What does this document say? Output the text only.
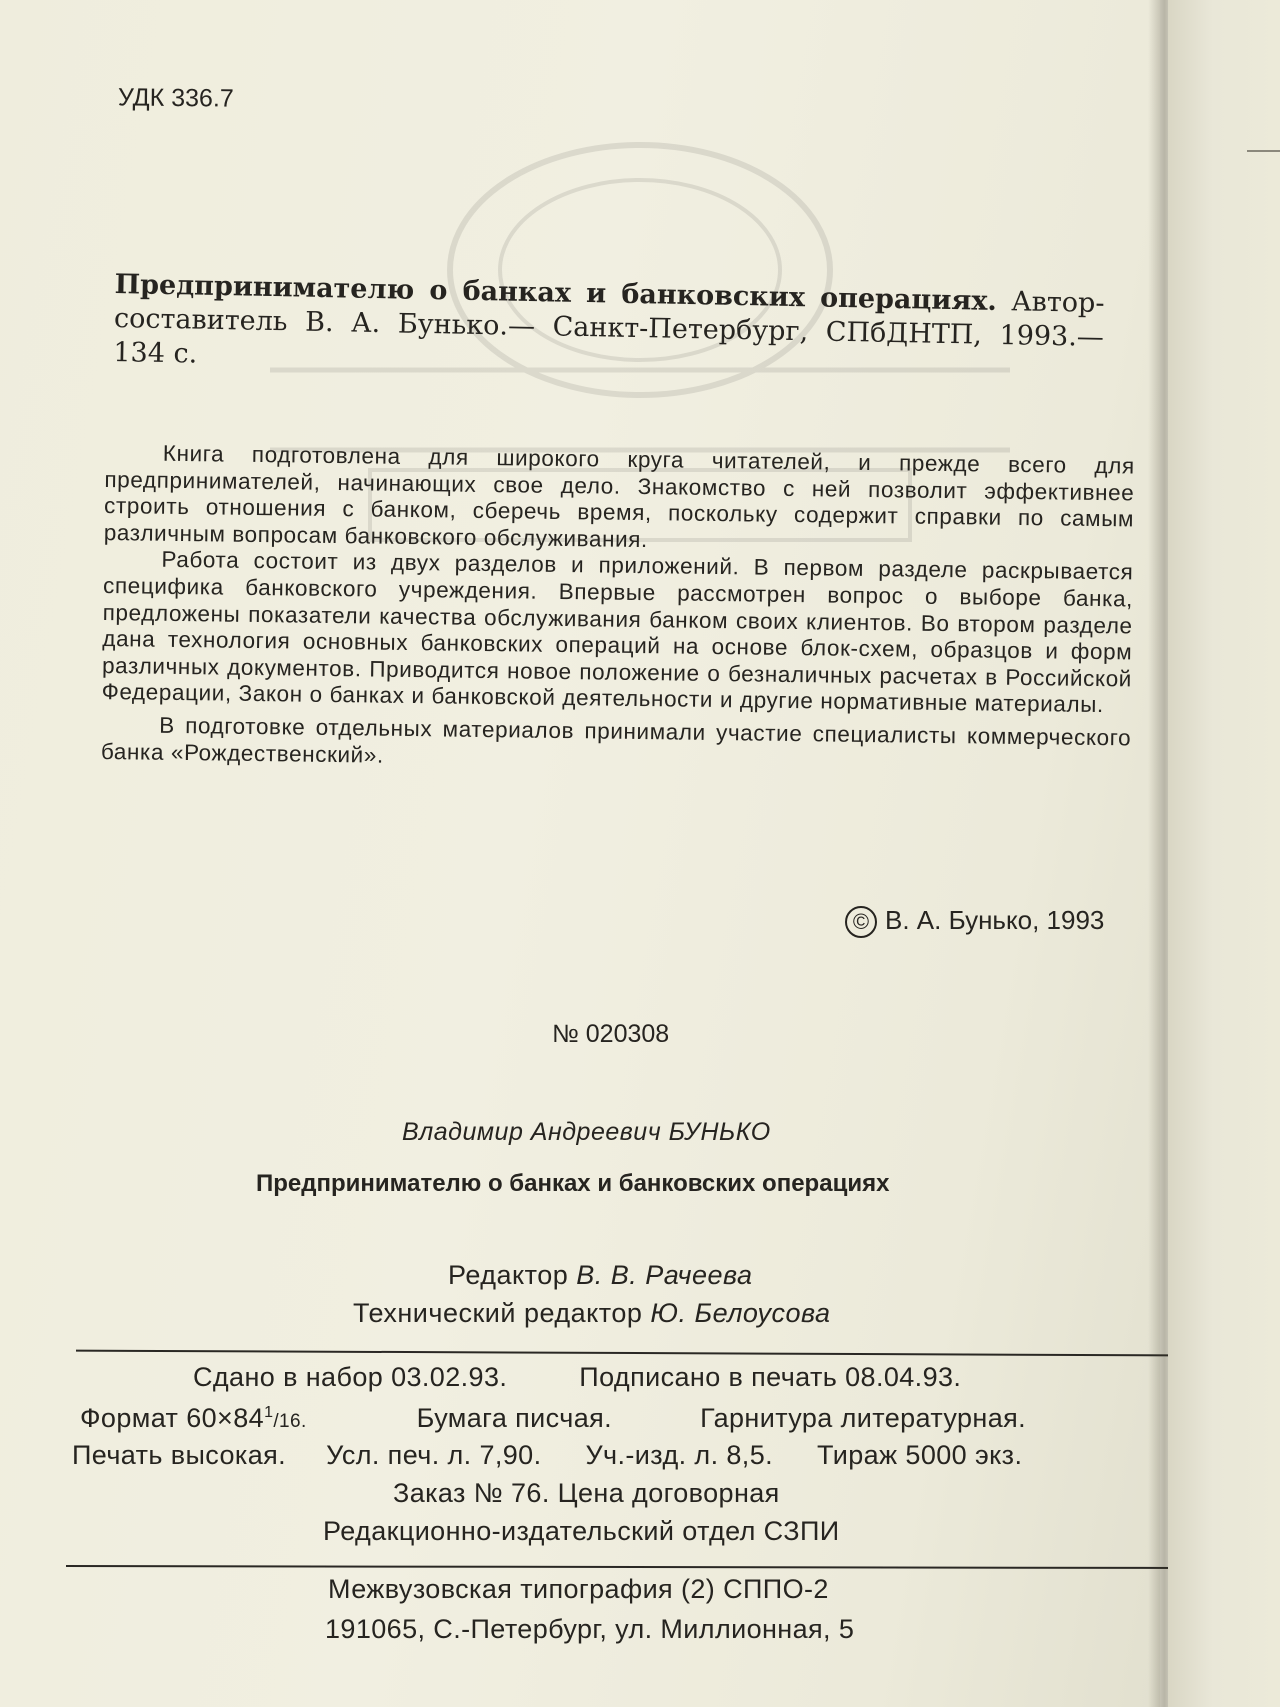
УДК 336.7
Предпринимателю о банках и банковских операциях. Автор-составитель В. А. Бунько.— Санкт-Петербург, СПбДНТП, 1993.— 134 с.

Книга подготовлена для широкого круга читателей, и прежде всего для предпринимателей, начинающих свое дело. Знакомство с ней позволит эффективнее строить отношения с банком, сберечь время, поскольку содержит справки по самым различным вопросам банковского обслуживания.

Работа состоит из двух разделов и приложений. В первом разделе раскрывается специфика банковского учреждения. Впервые рассмотрен вопрос о выборе банка, предложены показатели качества обслуживания банком своих клиентов. Во втором разделе дана технология основных банковских операций на основе блок-схем, образцов и форм различных документов. Приводится новое положение о безналичных расчетах в Российской Федерации, Закон о банках и банковской деятельности и другие нормативные материалы.

В подготовке отдельных материалов принимали участие специалисты коммерческого банка «Рождественский».

© В. А. Бунько, 1993
№ 020308
Владимир Андреевич БУНЬКО
Предпринимателю о банках и банковских операциях
Редактор В. В. Рачеева
Технический редактор Ю. Белоусова
Сдано в набор 03.02.93.	Подписано в печать 08.04.93.
Формат $60\times 84^1/16$.	Бумага писчая.	Гарнитура литературная.
Печать высокая. Усл. печ. л. 7,90. Уч.-изд. л. 8,5. Тираж 5000 экз.
Заказ № 76. Цена договорная
Редакционно-издательский отдел СЗПИ
Межвузовская типография (2) СППО-2
191065, С.-Петербург, ул. Миллионная, 5
